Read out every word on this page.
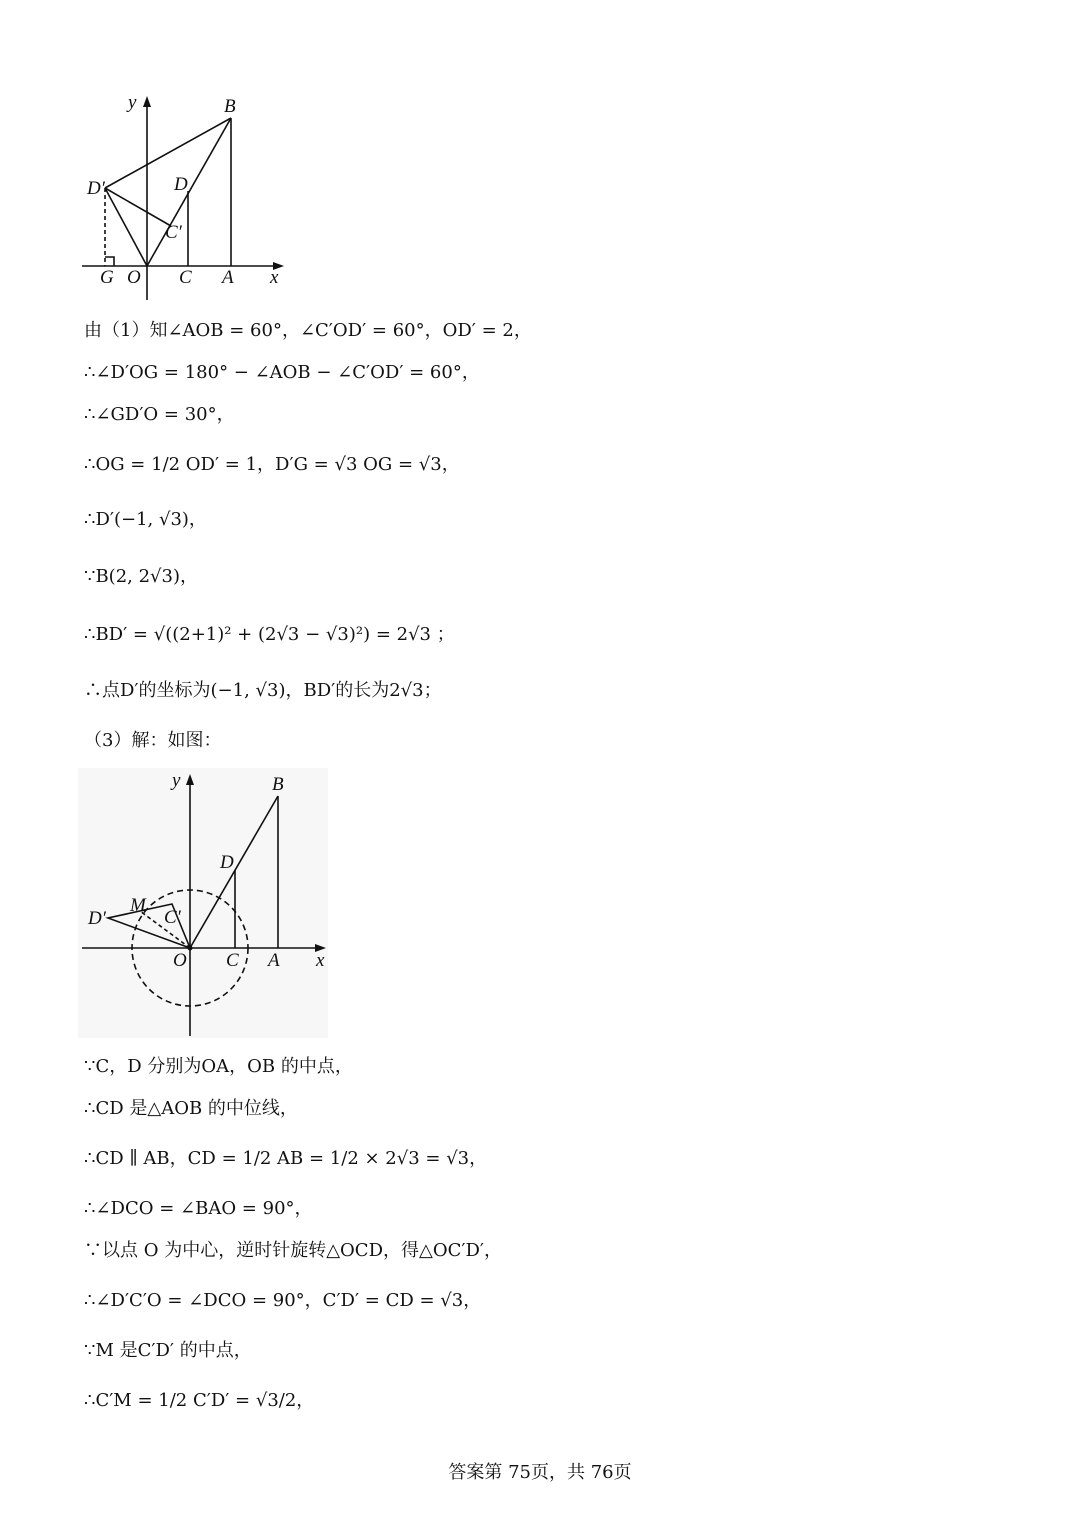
y
x
B
D′	D
C′
G O C A
由（1）知∠AOB = 60°，∠C′OD′ = 60°，OD′ = 2，
∴∠D′OG = 180° − ∠AOB − ∠C′OD′ = 60°，
∴∠GD′O = 30°，
∴OG = 1/2 OD′ = 1，D′G = √3 OG = √3，
∴D′(−1, √3)，
∵B(2, 2√3)，
∴BD′ = √((2+1)² + (2√3 − √3)²) = 2√3 ；
∴点D′的坐标为(−1, √3)，BD′的长为2√3；
（3）解：如图：
y
x
B
D
M
C′
D′
O C A
∵C，D 分别为OA，OB 的中点，
∴CD 是△AOB 的中位线，
∴CD ∥ AB，CD = 1/2 AB = 1/2 × 2√3 = √3，
∴∠DCO = ∠BAO = 90°，
∵以点 O 为中心，逆时针旋转△OCD，得△OC′D′，
∴∠D′C′O = ∠DCO = 90°，C′D′ = CD = √3，
∵M 是C′D′ 的中点，
∴C′M = 1/2 C′D′ = √3/2，
答案第 75页，共 76页
